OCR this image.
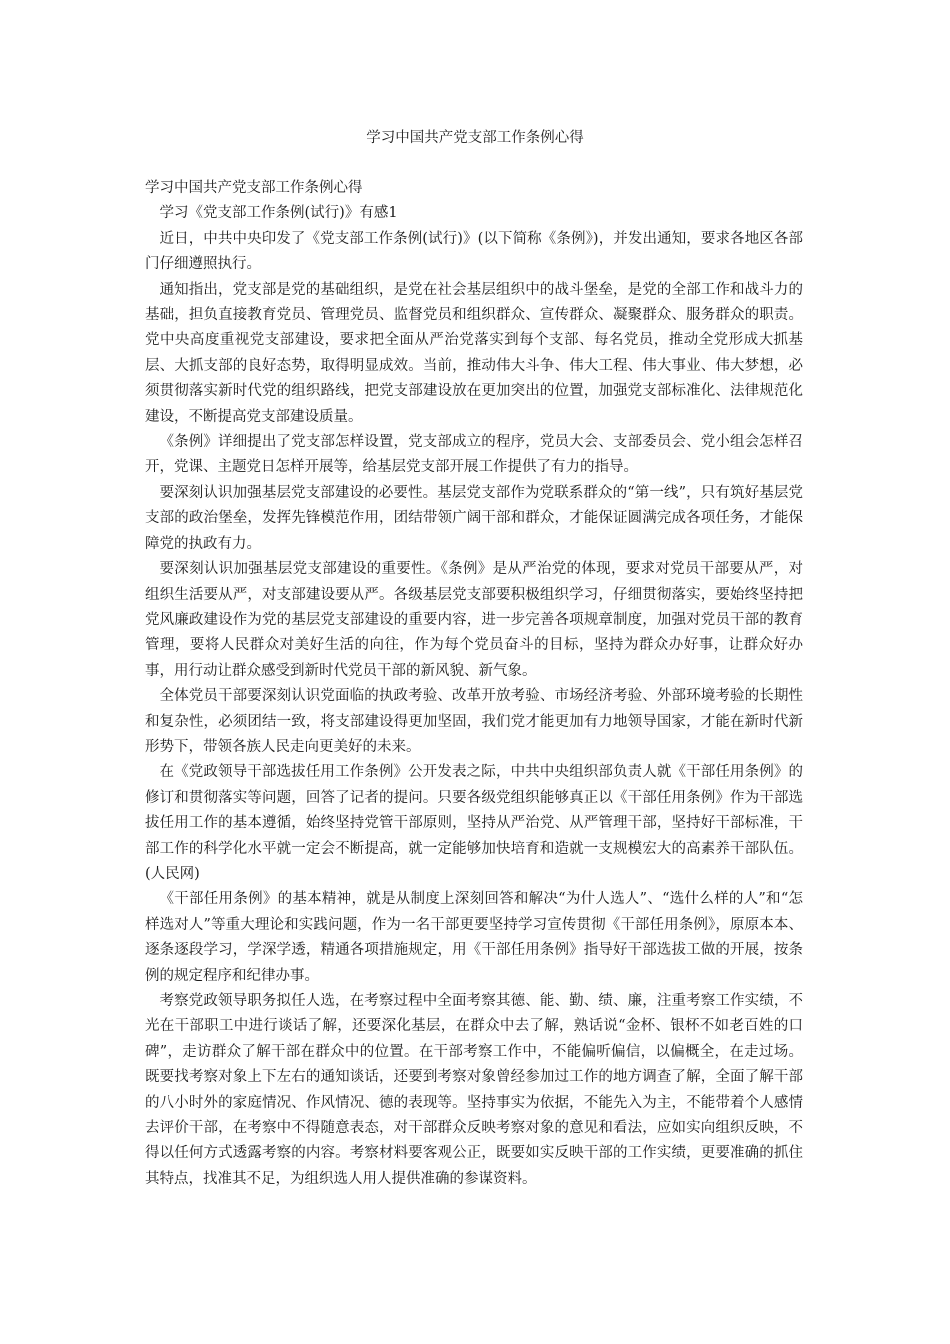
学习中国共产党支部工作条例心得

学习中国共产党支部工作条例心得

学习《党支部工作条例(试行)》有感1

近日，中共中央印发了《党支部工作条例(试行)》(以下简称《条例》)，并发出通知，要求各地区各部门仔细遵照执行。

通知指出，党支部是党的基础组织，是党在社会基层组织中的战斗堡垒，是党的全部工作和战斗力的基础，担负直接教育党员、管理党员、监督党员和组织群众、宣传群众、凝聚群众、服务群众的职责。党中央高度重视党支部建设，要求把全面从严治党落实到每个支部、每名党员，推动全党形成大抓基层、大抓支部的良好态势，取得明显成效。当前，推动伟大斗争、伟大工程、伟大事业、伟大梦想，必须贯彻落实新时代党的组织路线，把党支部建设放在更加突出的位置，加强党支部标准化、法律规范化建设，不断提高党支部建设质量。

《条例》详细提出了党支部怎样设置，党支部成立的程序，党员大会、支部委员会、党小组会怎样召开，党课、主题党日怎样开展等，给基层党支部开展工作提供了有力的指导。

要深刻认识加强基层党支部建设的必要性。基层党支部作为党联系群众的“第一线”，只有筑好基层党支部的政治堡垒，发挥先锋模范作用，团结带领广阔干部和群众，才能保证圆满完成各项任务，才能保障党的执政有力。

要深刻认识加强基层党支部建设的重要性。《条例》是从严治党的体现，要求对党员干部要从严，对组织生活要从严，对支部建设要从严。各级基层党支部要积极组织学习，仔细贯彻落实，要始终坚持把党风廉政建设作为党的基层党支部建设的重要内容，进一步完善各项规章制度，加强对党员干部的教育管理，要将人民群众对美好生活的向往，作为每个党员奋斗的目标，坚持为群众办好事，让群众好办事，用行动让群众感受到新时代党员干部的新风貌、新气象。

全体党员干部要深刻认识党面临的执政考验、改革开放考验、市场经济考验、外部环境考验的长期性和复杂性，必须团结一致，将支部建设得更加坚固，我们党才能更加有力地领导国家，才能在新时代新形势下，带领各族人民走向更美好的未来。

在《党政领导干部选拔任用工作条例》公开发表之际，中共中央组织部负责人就《干部任用条例》的修订和贯彻落实等问题，回答了记者的提问。只要各级党组织能够真正以《干部任用条例》作为干部选拔任用工作的基本遵循，始终坚持党管干部原则，坚持从严治党、从严管理干部，坚持好干部标准，干部工作的科学化水平就一定会不断提高，就一定能够加快培育和造就一支规模宏大的高素养干部队伍。(人民网)

《干部任用条例》的基本精神，就是从制度上深刻回答和解决“为什人选人”、“选什么样的人”和“怎样选对人”等重大理论和实践问题，作为一名干部更要坚持学习宣传贯彻《干部任用条例》，原原本本、逐条逐段学习，学深学透，精通各项措施规定，用《干部任用条例》指导好干部选拔工做的开展，按条例的规定程序和纪律办事。

考察党政领导职务拟任人选，在考察过程中全面考察其德、能、勤、绩、廉，注重考察工作实绩，不光在干部职工中进行谈话了解，还要深化基层，在群众中去了解，熟话说“金杯、银杯不如老百姓的口碑”，走访群众了解干部在群众中的位置。在干部考察工作中，不能偏听偏信，以偏概全，在走过场。既要找考察对象上下左右的通知谈话，还要到考察对象曾经参加过工作的地方调查了解，全面了解干部的八小时外的家庭情况、作风情况、德的表现等。坚持事实为依据，不能先入为主，不能带着个人感情去评价干部，在考察中不得随意表态，对干部群众反映考察对象的意见和看法，应如实向组织反映，不得以任何方式透露考察的内容。考察材料要客观公正，既要如实反映干部的工作实绩，更要准确的抓住其特点，找准其不足，为组织选人用人提供准确的参谋资料。
